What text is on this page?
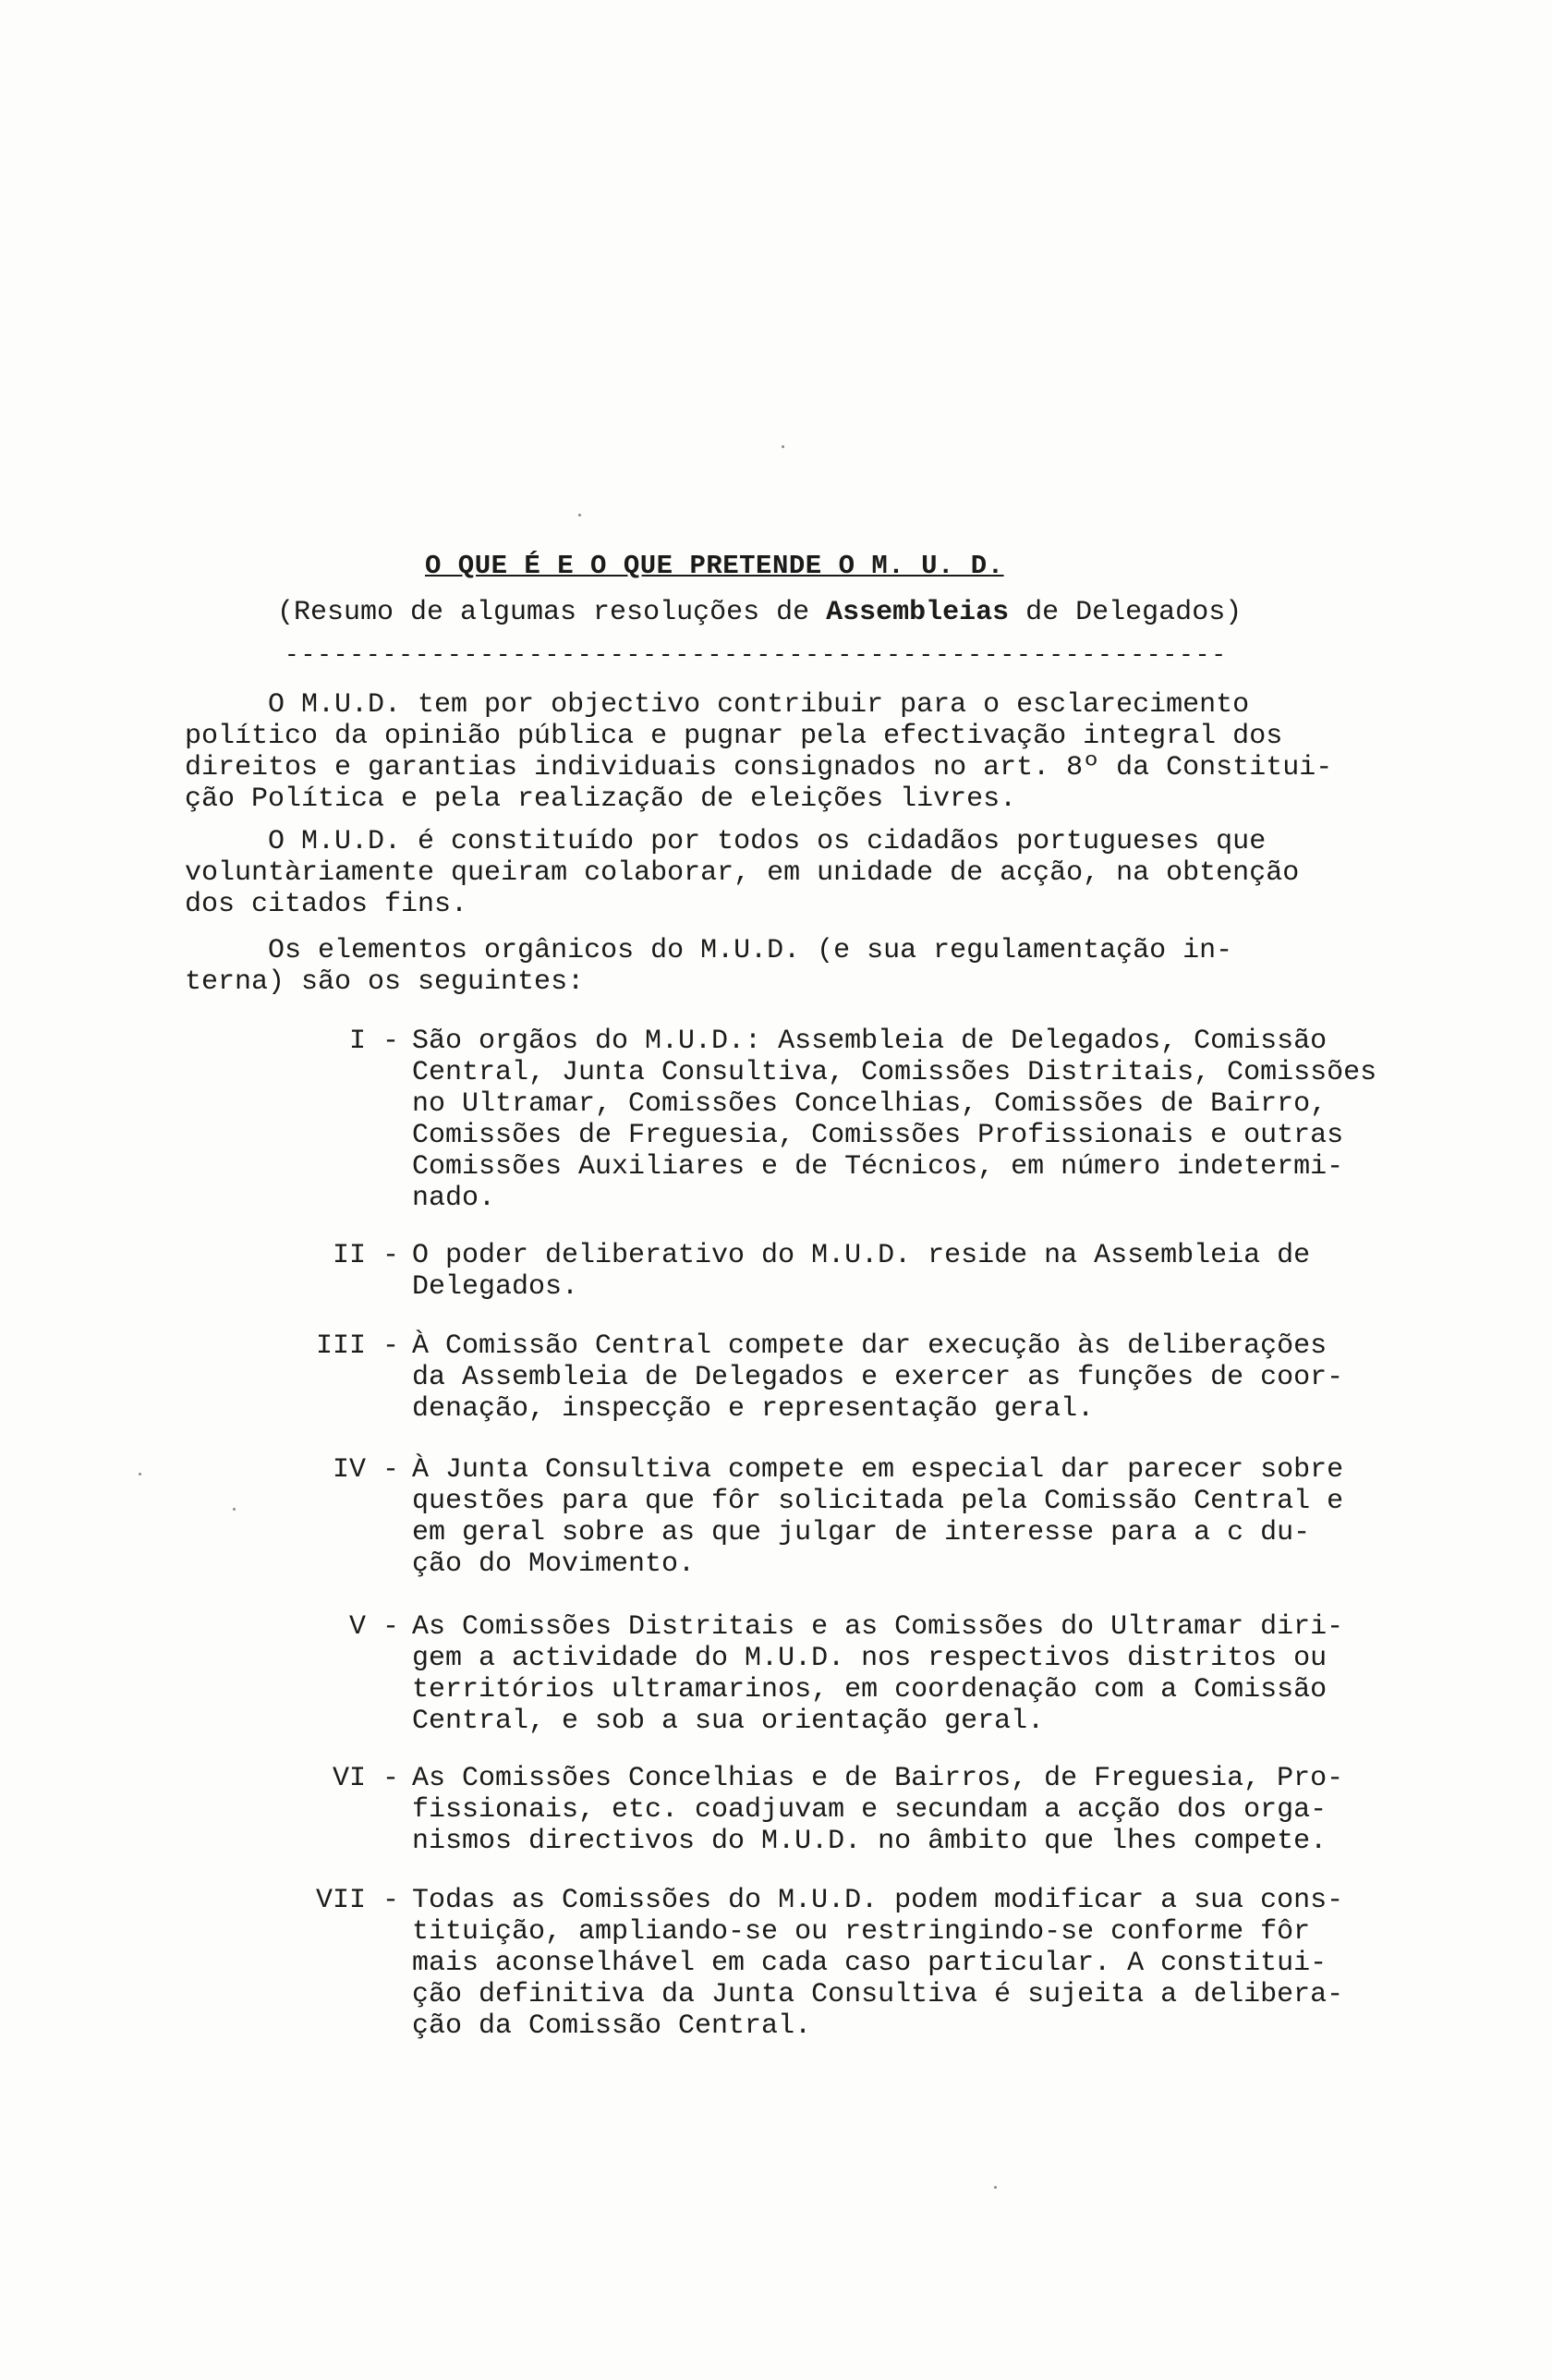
O QUE É E O QUE PRETENDE O M. U. D.
(Resumo de algumas resoluções de Assembleias de Delegados)
----------------------------------------------------------
O M.U.D. tem por objectivo contribuir para o esclarecimento
político da opinião pública e pugnar pela efectivação integral dos
direitos e garantias individuais consignados no art. 8º da Constitui-
ção Política e pela realização de eleições livres.
O M.U.D. é constituído por todos os cidadãos portugueses que
voluntàriamente queiram colaborar, em unidade de acção, na obtenção
dos citados fins.
Os elementos orgânicos do M.U.D. (e sua regulamentação in-
terna) são os seguintes:
I - São orgãos do M.U.D.: Assembleia de Delegados, Comissão
Central, Junta Consultiva, Comissões Distritais, Comissões
no Ultramar, Comissões Concelhias, Comissões de Bairro,
Comissões de Freguesia, Comissões Profissionais e outras
Comissões Auxiliares e de Técnicos, em número indetermi-
nado.
II - O poder deliberativo do M.U.D. reside na Assembleia de
Delegados.
III - À Comissão Central compete dar execução às deliberações
da Assembleia de Delegados e exercer as funções de coor-
denação, inspecção e representação geral.
IV - À Junta Consultiva compete em especial dar parecer sobre
questões para que fôr solicitada pela Comissão Central e
em geral sobre as que julgar de interesse para a c du-
ção do Movimento.
V - As Comissões Distritais e as Comissões do Ultramar diri-
gem a actividade do M.U.D. nos respectivos distritos ou
territórios ultramarinos, em coordenação com a Comissão
Central, e sob a sua orientação geral.
VI - As Comissões Concelhias e de Bairros, de Freguesia, Pro-
fissionais, etc. coadjuvam e secundam a acção dos orga-
nismos directivos do M.U.D. no âmbito que lhes compete.
VII - Todas as Comissões do M.U.D. podem modificar a sua cons-
tituição, ampliando-se ou restringindo-se conforme fôr
mais aconselhável em cada caso particular. A constitui-
ção definitiva da Junta Consultiva é sujeita a delibera-
ção da Comissão Central.
